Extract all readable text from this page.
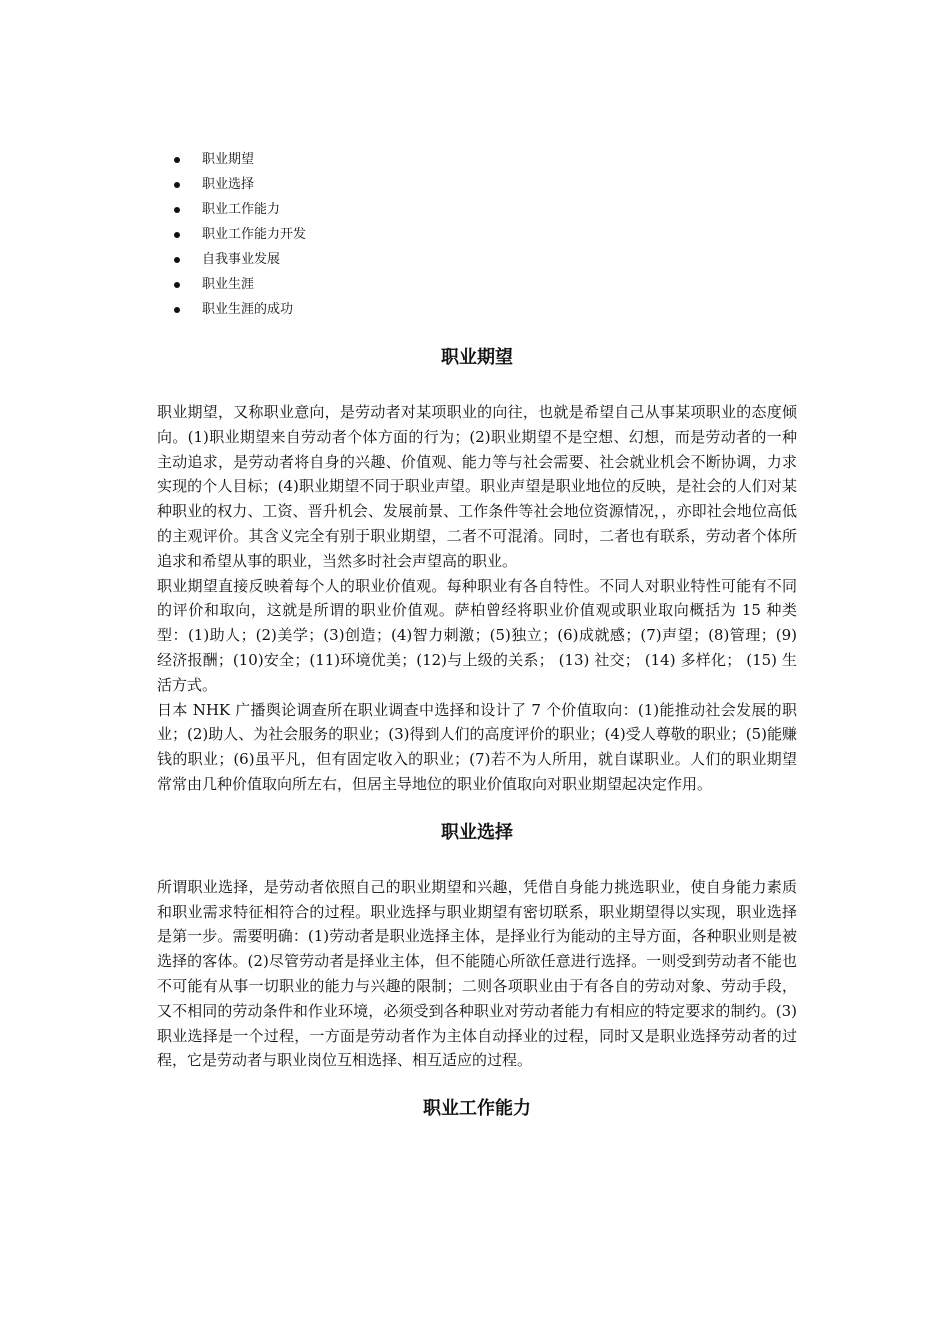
职业期望
职业选择
职业工作能力
职业工作能力开发
自我事业发展
职业生涯
职业生涯的成功
职业期望

职业期望，又称职业意向，是劳动者对某项职业的向往，也就是希望自己从事某项职业的态度倾向。(1)职业期望来自劳动者个体方面的行为；(2)职业期望不是空想、幻想，而是劳动者的一种主动追求，是劳动者将自身的兴趣、价值观、能力等与社会需要、社会就业机会不断协调，力求实现的个人目标；(4)职业期望不同于职业声望。职业声望是职业地位的反映，是社会的人们对某种职业的权力、工资、晋升机会、发展前景、工作条件等社会地位资源情况，，亦即社会地位高低的主观评价。其含义完全有别于职业期望，二者不可混淆。同时，二者也有联系，劳动者个体所追求和希望从事的职业，当然多时社会声望高的职业。

职业期望直接反映着每个人的职业价值观。每种职业有各自特性。不同人对职业特性可能有不同的评价和取向，这就是所谓的职业价值观。萨柏曾经将职业价值观或职业取向概括为 15 种类型：(1)助人；(2)美学；(3)创造；(4)智力刺激；(5)独立；(6)成就感；(7)声望；(8)管理；(9)经济报酬；(10)安全；(11)环境优美；(12)与上级的关系； (13) 社交； (14) 多样化； (15) 生活方式。

日本 NHK 广播舆论调查所在职业调查中选择和设计了 7 个价值取向：(1)能推动社会发展的职业；(2)助人、为社会服务的职业；(3)得到人们的高度评价的职业；(4)受人尊敬的职业；(5)能赚钱的职业；(6)虽平凡，但有固定收入的职业；(7)若不为人所用，就自谋职业。人们的职业期望常常由几种价值取向所左右，但居主导地位的职业价值取向对职业期望起决定作用。

职业选择

所谓职业选择，是劳动者依照自己的职业期望和兴趣，凭借自身能力挑选职业，使自身能力素质和职业需求特征相符合的过程。职业选择与职业期望有密切联系，职业期望得以实现，职业选择是第一步。需要明确：(1)劳动者是职业选择主体，是择业行为能动的主导方面，各种职业则是被选择的客体。(2)尽管劳动者是择业主体，但不能随心所欲任意进行选择。一则受到劳动者不能也不可能有从事一切职业的能力与兴趣的限制；二则各项职业由于有各自的劳动对象、劳动手段，又不相同的劳动条件和作业环境，必须受到各种职业对劳动者能力有相应的特定要求的制约。(3)职业选择是一个过程，一方面是劳动者作为主体自动择业的过程，同时又是职业选择劳动者的过程，它是劳动者与职业岗位互相选择、相互适应的过程。

职业工作能力
